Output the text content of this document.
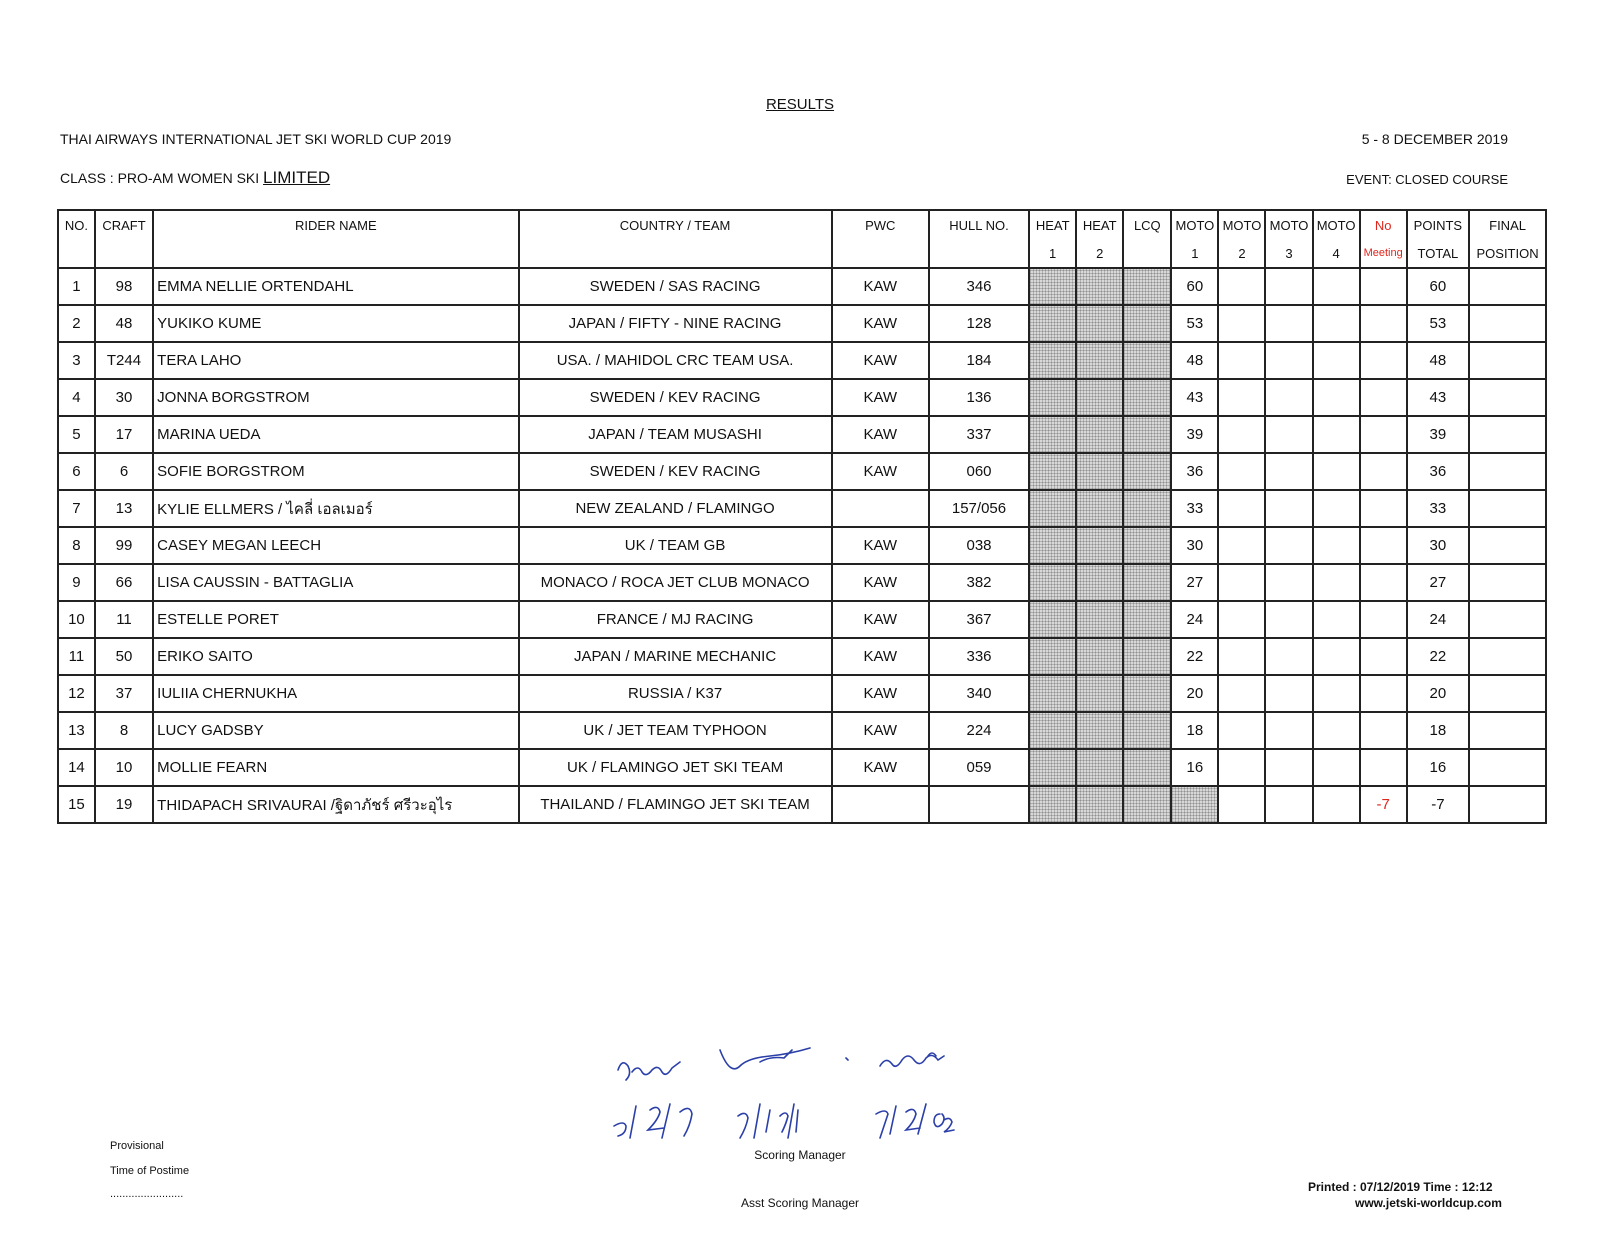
RESULTS
THAI AIRWAYS INTERNATIONAL JET SKI WORLD CUP 2019	5 - 8 DECEMBER 2019
CLASS : PRO-AM WOMEN SKI LIMITED	EVENT: CLOSED COURSE
NO.	CRAFT	RIDER NAME	COUNTRY / TEAM	PWC	HULL NO.	HEAT	HEAT	LCQ	MOTO	MOTO	MOTO	MOTO	No	POINTS	FINAL
						1	2		1	2	3	4	Meeting	TOTAL	POSITION
1	98	EMMA NELLIE ORTENDAHL	SWEDEN / SAS RACING	KAW	346				60					60	
2	48	YUKIKO KUME	JAPAN / FIFTY - NINE RACING	KAW	128				53					53	
3	T244	TERA LAHO	USA. / MAHIDOL CRC TEAM USA.	KAW	184				48					48	
4	30	JONNA BORGSTROM	SWEDEN / KEV RACING	KAW	136				43					43	
5	17	MARINA UEDA	JAPAN / TEAM MUSASHI	KAW	337				39					39	
6	6	SOFIE BORGSTROM	SWEDEN / KEV RACING	KAW	060				36					36	
7	13	KYLIE ELLMERS / ไคลี่ เอลเมอร์	NEW ZEALAND / FLAMINGO		157/056				33					33	
8	99	CASEY MEGAN LEECH	UK / TEAM GB	KAW	038				30					30	
9	66	LISA CAUSSIN - BATTAGLIA	MONACO / ROCA JET CLUB MONACO	KAW	382				27					27	
10	11	ESTELLE PORET	FRANCE / MJ RACING	KAW	367				24					24	
11	50	ERIKO SAITO	JAPAN / MARINE MECHANIC	KAW	336				22					22	
12	37	IULIIA CHERNUKHA	RUSSIA / K37	KAW	340				20					20	
13	8	LUCY GADSBY	UK / JET TEAM TYPHOON	KAW	224				18					18	
14	10	MOLLIE FEARN	UK / FLAMINGO JET SKI TEAM	KAW	059				16					16	
15	19	THIDAPACH SRIVAURAI /ฐิดาภัชร์ ศรีวะอุไร	THAILAND / FLAMINGO JET SKI TEAM										-7	-7	
Provisional
Time of Postime
........................
Scoring Manager
Asst Scoring Manager
Printed : 07/12/2019 Time : 12:12
www.jetski-worldcup.com
